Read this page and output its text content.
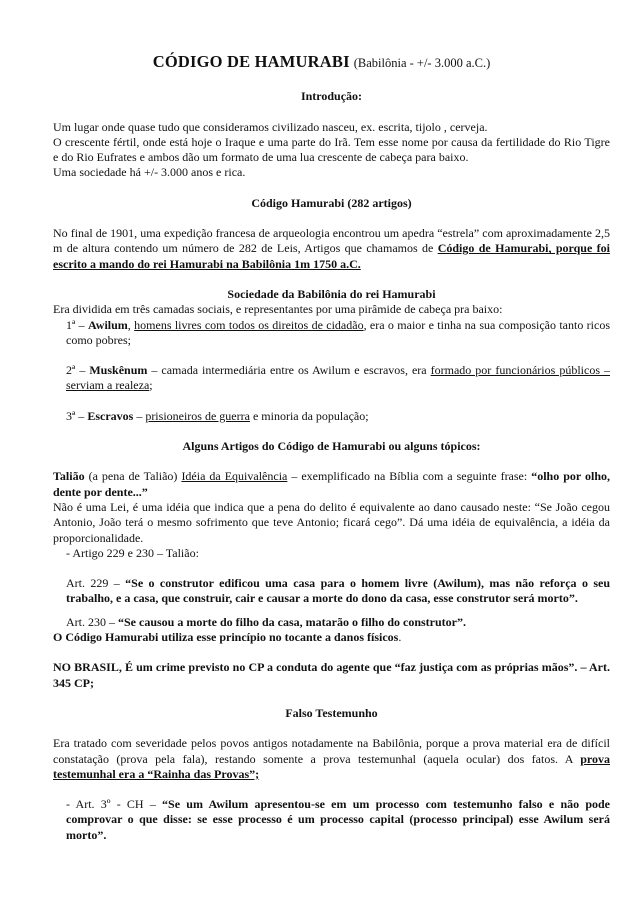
CÓDIGO DE HAMURABI (Babilônia - +/- 3.000 a.C.)

Introdução:

Um lugar onde quase tudo que consideramos civilizado nasceu, ex. escrita, tijolo , cerveja.

O crescente fértil, onde está hoje o Iraque e uma parte do Irã. Tem esse nome por causa da fertilidade do Rio Tigre e do Rio Eufrates e ambos dão um formato de uma lua crescente de cabeça para baixo.

Uma sociedade há +/- 3.000 anos e rica.

Código Hamurabi (282 artigos)

No final de 1901, uma expedição francesa de arqueologia encontrou um apedra “estrela” com aproximadamente 2,5 m de altura contendo um número de 282 de Leis, Artigos que chamamos de Código de Hamurabi, porque foi escrito a mando do rei Hamurabi na Babilônia 1m 1750 a.C.

Sociedade da Babilônia do rei Hamurabi

Era dividida em três camadas sociais, e representantes por uma pirâmide de cabeça pra baixo:

1ª – Awilum, homens livres com todos os direitos de cidadão, era o maior e tinha na sua composição tanto ricos como pobres;

2ª – Muskênum – camada intermediária entre os Awilum e escravos, era formado por funcionários públicos – serviam a realeza;

3ª – Escravos – prisioneiros de guerra e minoria da população;

Alguns Artigos do Código de Hamurabi ou alguns tópicos:

Talião (a pena de Talião) Idéia da Equivalência – exemplificado na Bíblia com a seguinte frase: “olho por olho, dente por dente...”

Não é uma Lei, é uma idéia que indica que a pena do delito é equivalente ao dano causado neste: “Se João cegou Antonio, João terá o mesmo sofrimento que teve Antonio; ficará cego”. Dá uma idéia de equivalência, a idéia da proporcionalidade.

- Artigo 229 e 230 – Talião:

Art. 229 – “Se o construtor edificou uma casa para o homem livre (Awilum), mas não reforça o seu trabalho, e a casa, que construir, cair e causar a morte do dono da casa, esse construtor será morto”.

Art. 230 – “Se causou a morte do filho da casa, matarão o filho do construtor”.

O Código Hamurabi utiliza esse princípio no tocante a danos físicos.

NO BRASIL, É um crime previsto no CP a conduta do agente que “faz justiça com as próprias mãos”. – Art. 345 CP;

Falso Testemunho

Era tratado com severidade pelos povos antigos notadamente na Babilônia, porque a prova material era de difícil constatação (prova pela fala), restando somente a prova testemunhal (aquela ocular) dos fatos. A prova testemunhal era a “Rainha das Provas”;

- Art. 3º - CH – “Se um Awilum apresentou-se em um processo com testemunho falso e não pode comprovar o que disse: se esse processo é um processo capital (processo principal) esse Awilum será morto”.
